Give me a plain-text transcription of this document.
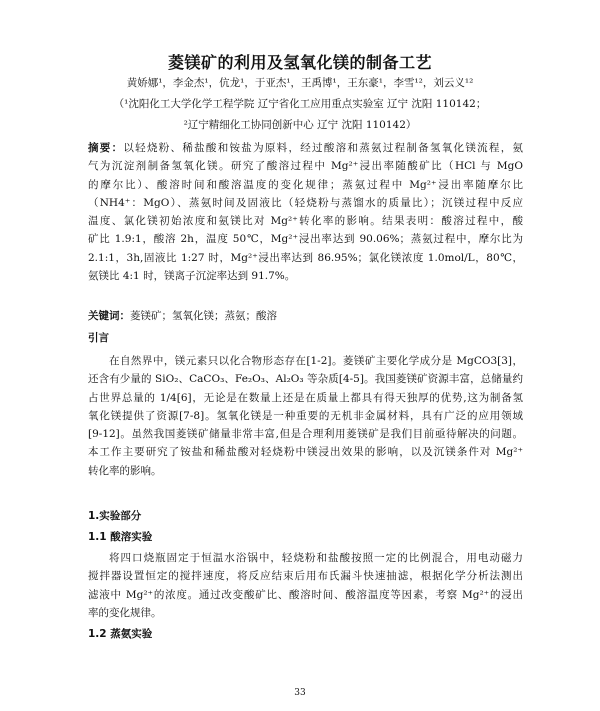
菱镁矿的利用及氢氧化镁的制备工艺
黄娇娜¹，李金杰¹，伉龙¹，于亚杰¹，王禹博¹，王东豪¹，李雪¹²，刘云义¹²
（¹沈阳化工大学化学工程学院 辽宁省化工应用重点实验室 辽宁 沈阳 110142；
²辽宁精细化工协同创新中心 辽宁 沈阳 110142）
摘要：以轻烧粉、稀盐酸和铵盐为原料，经过酸溶和蒸氨过程制备氢氧化镁流程，氨
气为沉淀剂制备氢氧化镁。研究了酸溶过程中 Mg²⁺浸出率随酸矿比（HCl 与 MgO
的摩尔比）、酸溶时间和酸溶温度的变化规律；蒸氨过程中 Mg²⁺浸出率随摩尔比
（NH4⁺：MgO）、蒸氨时间及固液比（轻烧粉与蒸馏水的质量比）；沉镁过程中反应
温度、氯化镁初始浓度和氨镁比对 Mg²⁺转化率的影响。结果表明：酸溶过程中，酸
矿比 1.9:1，酸溶 2h，温度 50℃，Mg²⁺浸出率达到 90.06%；蒸氨过程中，摩尔比为
2.1:1，3h,固液比 1:27 时，Mg²⁺浸出率达到 86.95%；氯化镁浓度 1.0mol/L，80℃，
氨镁比 4:1 时，镁离子沉淀率达到 91.7%。
关键词：菱镁矿；氢氧化镁；蒸氨；酸溶
引言
在自然界中，镁元素只以化合物形态存在[1-2]。菱镁矿主要化学成分是 MgCO3[3]，
还含有少量的 SiO₂、CaCO₃、Fe₂O₃、Al₂O₃ 等杂质[4-5]。我国菱镁矿资源丰富，总储量约
占世界总量的 1/4[6]，无论是在数量上还是在质量上都具有得天独厚的优势,这为制备氢
氧化镁提供了资源[7-8]。氢氧化镁是一种重要的无机非金属材料，具有广泛的应用领域
[9-12]。虽然我国菱镁矿储量非常丰富,但是合理利用菱镁矿是我们目前亟待解决的问题。
本工作主要研究了铵盐和稀盐酸对轻烧粉中镁浸出效果的影响，以及沉镁条件对 Mg²⁺
转化率的影响。
1.实验部分
1.1 酸溶实验
将四口烧瓶固定于恒温水浴锅中，轻烧粉和盐酸按照一定的比例混合，用电动磁力
搅拌器设置恒定的搅拌速度，将反应结束后用布氏漏斗快速抽滤，根据化学分析法测出
滤液中 Mg²⁺的浓度。通过改变酸矿比、酸溶时间、酸溶温度等因素，考察 Mg²⁺的浸出
率的变化规律。
1.2 蒸氨实验
33
